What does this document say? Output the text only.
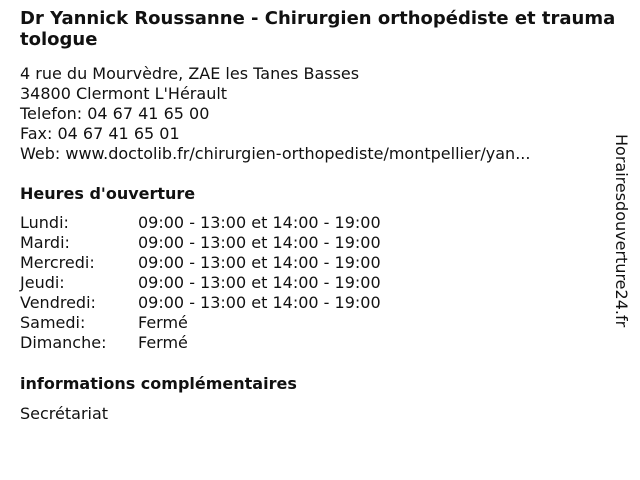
Dr Yannick Roussanne - Chirurgien orthopédiste et traumatologue
4 rue du Mourvèdre, ZAE les Tanes Basses
34800 Clermont L'Hérault
Telefon: 04 67 41 65 00
Fax: 04 67 41 65 01
Web: www.doctolib.fr/chirurgien-orthopediste/montpellier/yan...
Heures d'ouverture
Lundi:	09:00 - 13:00 et 14:00 - 19:00
Mardi:	09:00 - 13:00 et 14:00 - 19:00
Mercredi:	09:00 - 13:00 et 14:00 - 19:00
Jeudi:	09:00 - 13:00 et 14:00 - 19:00
Vendredi:	09:00 - 13:00 et 14:00 - 19:00
Samedi:	Fermé
Dimanche: Fermé
informations complémentaires
Secrétariat
Horairesdouverture24.fr
